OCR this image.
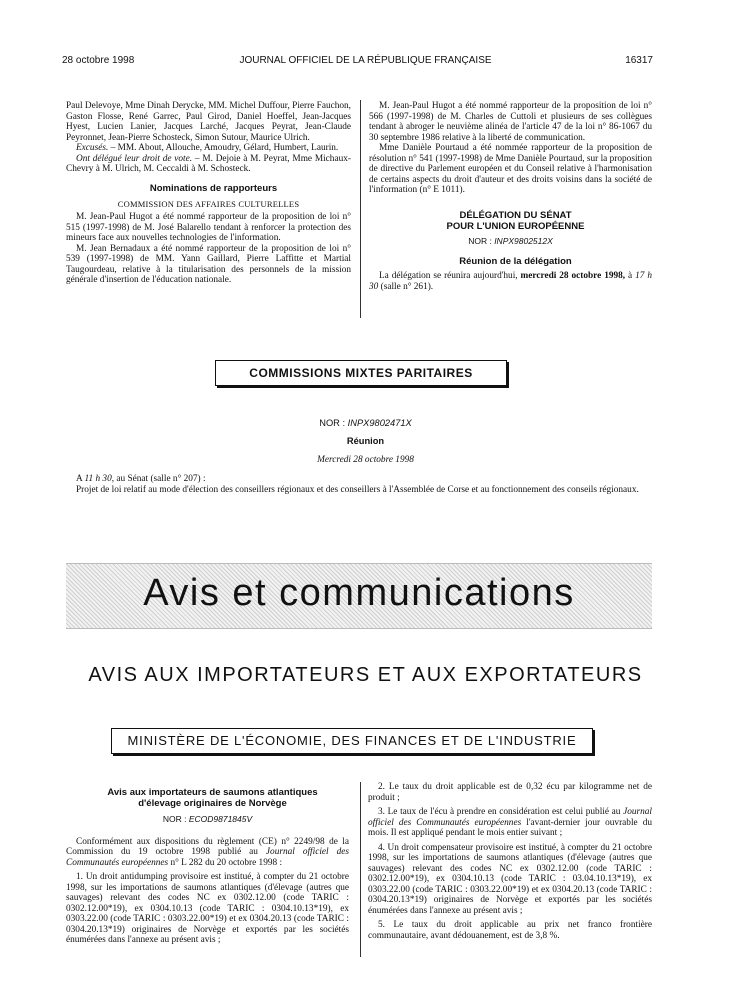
28 octobre 1998	JOURNAL OFFICIEL DE LA RÉPUBLIQUE FRANÇAISE	16317

Paul Delevoye, Mme Dinah Derycke, MM. Michel Duffour, Pierre Fauchon, Gaston Flosse, René Garrec, Paul Girod, Daniel Hoeffel, Jean-Jacques Hyest, Lucien Lanier, Jacques Larché, Jacques Peyrat, Jean-Claude Peyronnet, Jean-Pierre Schosteck, Simon Sutour, Maurice Ulrich.

Excusés. – MM. About, Allouche, Amoudry, Gélard, Humbert, Laurin.

Ont délégué leur droit de vote. – M. Dejoie à M. Peyrat, Mme Michaux-Chevry à M. Ulrich, M. Ceccaldi à M. Schosteck.

Nominations de rapporteurs

COMMISSION DES AFFAIRES CULTURELLES

M. Jean-Paul Hugot a été nommé rapporteur de la proposition de loi n° 515 (1997-1998) de M. José Balarello tendant à renforcer la protection des mineurs face aux nouvelles technologies de l'information.

M. Jean Bernadaux a été nommé rapporteur de la proposition de loi n° 539 (1997-1998) de MM. Yann Gaillard, Pierre Laffitte et Martial Taugourdeau, relative à la titularisation des personnels de la mission générale d'insertion de l'éducation nationale.

M. Jean-Paul Hugot a été nommé rapporteur de la proposition de loi n° 566 (1997-1998) de M. Charles de Cuttoli et plusieurs de ses collègues tendant à abroger le neuvième alinéa de l'article 47 de la loi n° 86-1067 du 30 septembre 1986 relative à la liberté de communication.

Mme Danièle Pourtaud a été nommée rapporteur de la proposition de résolution n° 541 (1997-1998) de Mme Danièle Pourtaud, sur la proposition de directive du Parlement européen et du Conseil relative à l'harmonisation de certains aspects du droit d'auteur et des droits voisins dans la société de l'information (n° E 1011).

DÉLÉGATION DU SÉNAT

POUR L'UNION EUROPÉENNE

NOR : INPX9802512X

Réunion de la délégation

La délégation se réunira aujourd'hui, mercredi 28 octobre 1998, à 17 h 30 (salle n° 261).

COMMISSIONS MIXTES PARITAIRES
NOR : INPX9802471X
Réunion
Mercredi 28 octobre 1998

A 11 h 30, au Sénat (salle n° 207) :

Projet de loi relatif au mode d'élection des conseillers régionaux et des conseillers à l'Assemblée de Corse et au fonctionnement des conseils régionaux.

Avis et communications
AVIS AUX IMPORTATEURS ET AUX EXPORTATEURS
MINISTÈRE DE L'ÉCONOMIE, DES FINANCES ET DE L'INDUSTRIE

Avis aux importateurs de saumons atlantiques

d'élevage originaires de Norvège

NOR : ECOD9871845V

Conformément aux dispositions du règlement (CE) n° 2249/98 de la Commission du 19 octobre 1998 publié au Journal officiel des Communautés européennes n° L 282 du 20 octobre 1998 :

1. Un droit antidumping provisoire est institué, à compter du 21 octobre 1998, sur les importations de saumons atlantiques (d'élevage (autres que sauvages) relevant des codes NC ex 0302.12.00 (code TARIC : 0302.12.00*19), ex 0304.10.13 (code TARIC : 0304.10.13*19), ex 0303.22.00 (code TARIC : 0303.22.00*19) et ex 0304.20.13 (code TARIC : 0304.20.13*19) originaires de Norvège et exportés par les sociétés énumérées dans l'annexe au présent avis ;

2. Le taux du droit applicable est de 0,32 écu par kilogramme net de produit ;

3. Le taux de l'écu à prendre en considération est celui publié au Journal officiel des Communautés européennes l'avant-dernier jour ouvrable du mois. Il est appliqué pendant le mois entier suivant ;

4. Un droit compensateur provisoire est institué, à compter du 21 octobre 1998, sur les importations de saumons atlantiques (d'élevage (autres que sauvages) relevant des codes NC ex 0302.12.00 (code TARIC : 0302.12.00*19), ex 0304.10.13 (code TARIC : 03.04.10.13*19), ex 0303.22.00 (code TARIC : 0303.22.00*19) et ex 0304.20.13 (code TARIC : 0304.20.13*19) originaires de Norvège et exportés par les sociétés énumérées dans l'annexe au présent avis ;

5. Le taux du droit applicable au prix net franco frontière communautaire, avant dédouanement, est de 3,8 %.
